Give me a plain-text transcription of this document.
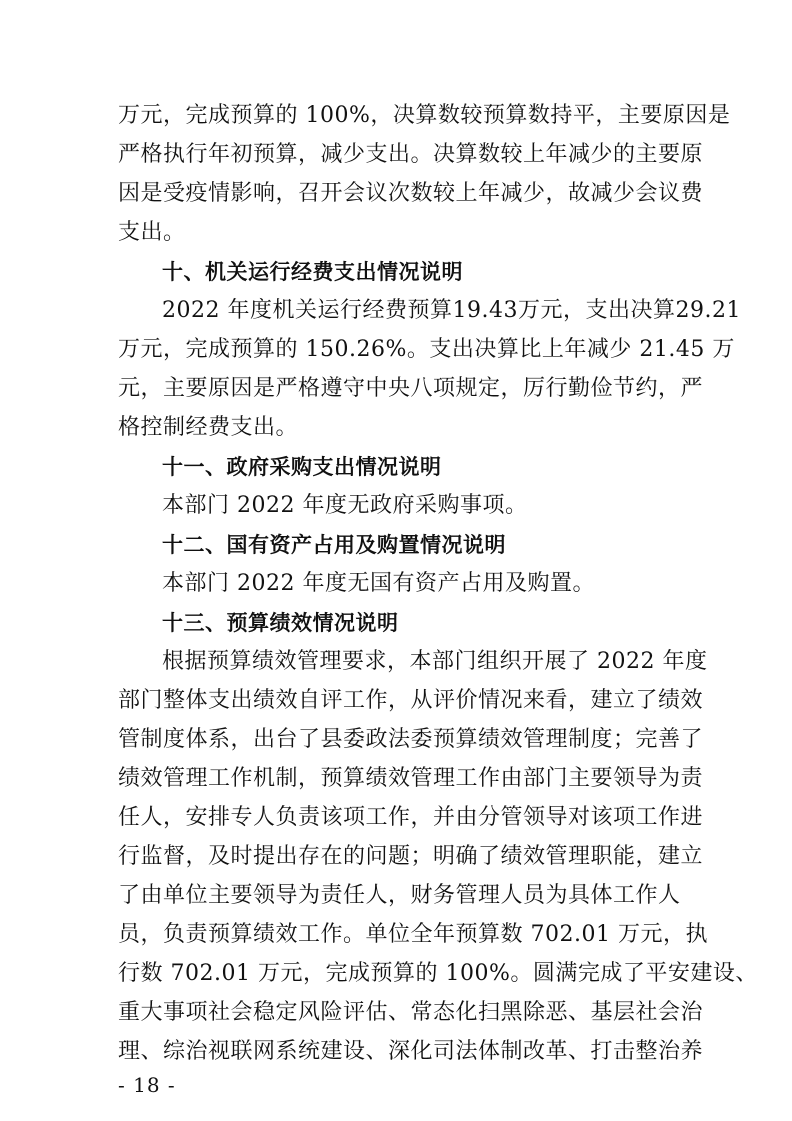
万元，完成预算的 100%，决算数较预算数持平，主要原因是
严格执行年初预算，减少支出。决算数较上年减少的主要原
因是受疫情影响，召开会议次数较上年减少，故减少会议费
支出。
十、机关运行经费支出情况说明
2022 年度机关运行经费预算19.43万元，支出决算29.21
万元，完成预算的 150.26%。支出决算比上年减少 21.45 万
元，主要原因是严格遵守中央八项规定，厉行勤俭节约，严
格控制经费支出。
十一、政府采购支出情况说明
本部门 2022 年度无政府采购事项。
十二、国有资产占用及购置情况说明
本部门 2022 年度无国有资产占用及购置。
十三、预算绩效情况说明
根据预算绩效管理要求，本部门组织开展了 2022 年度
部门整体支出绩效自评工作，从评价情况来看，建立了绩效
管制度体系，出台了县委政法委预算绩效管理制度；完善了
绩效管理工作机制，预算绩效管理工作由部门主要领导为责
任人，安排专人负责该项工作，并由分管领导对该项工作进
行监督，及时提出存在的问题；明确了绩效管理职能，建立
了由单位主要领导为责任人，财务管理人员为具体工作人
员，负责预算绩效工作。单位全年预算数 702.01 万元，执
行数 702.01 万元，完成预算的 100%。圆满完成了平安建设、
重大事项社会稳定风险评估、常态化扫黑除恶、基层社会治
理、综治视联网系统建设、深化司法体制改革、打击整治养
- 18 -
